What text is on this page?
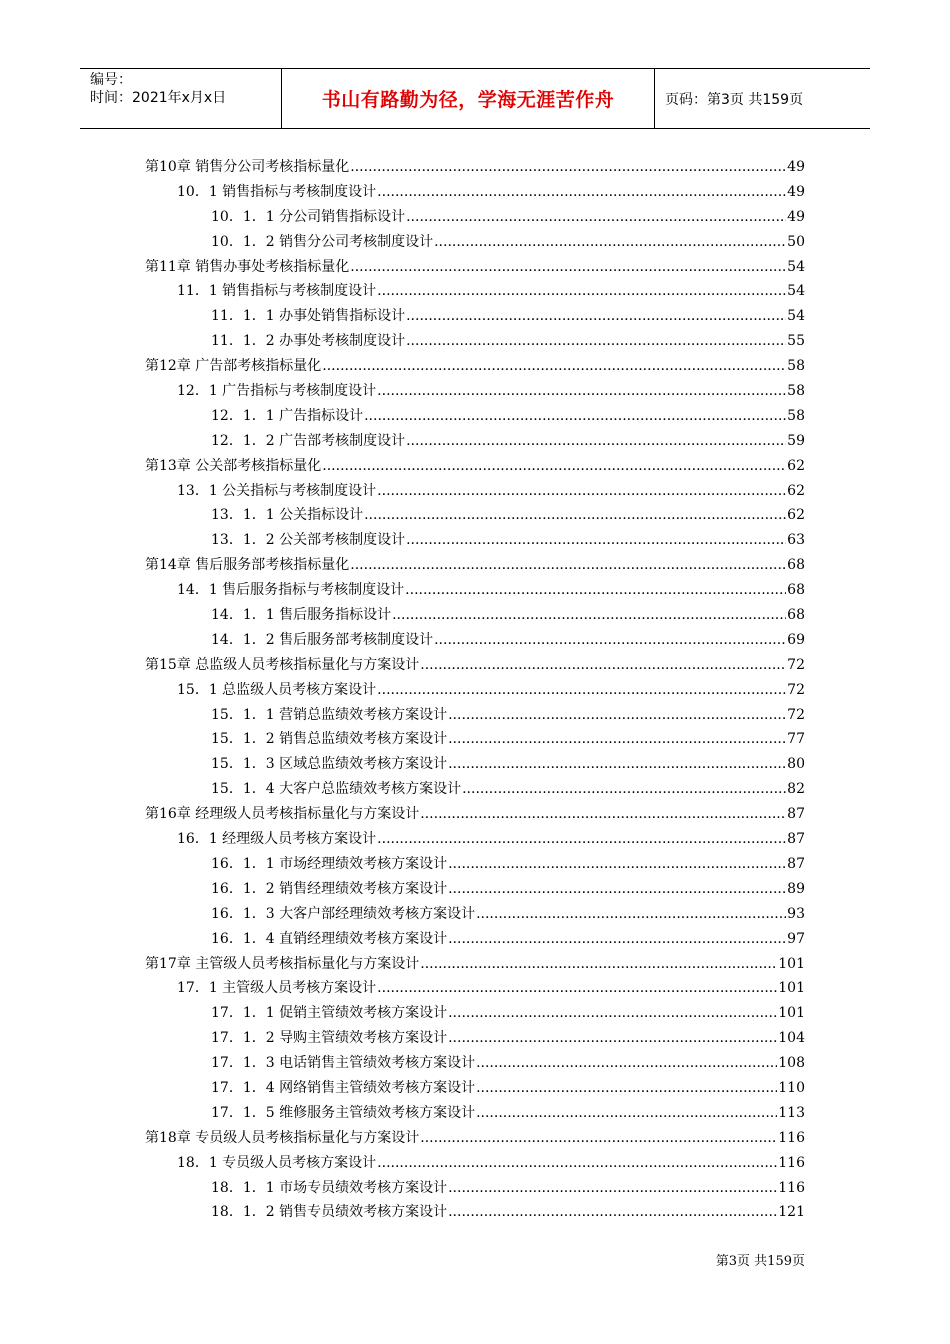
编号：
时间：2021年x月x日	书山有路勤为径，学海无涯苦作舟	页码：第3页 共159页
第10章 销售分公司考核指标量化 .....	49
10．1 销售指标与考核制度设计 .....	49
10．1．1 分公司销售指标设计 .....	49
10．1．2 销售分公司考核制度设计 .....	50
第11章 销售办事处考核指标量化 .....	54
11．1 销售指标与考核制度设计 .....	54
11．1．1 办事处销售指标设计 .....	54
11．1．2 办事处考核制度设计 .....	55
第12章 广告部考核指标量化 .....	58
12．1 广告指标与考核制度设计 .....	58
12．1．1 广告指标设计 .....	58
12．1．2 广告部考核制度设计 .....	59
第13章 公关部考核指标量化 .....	62
13．1 公关指标与考核制度设计 .....	62
13．1．1 公关指标设计 .....	62
13．1．2 公关部考核制度设计 .....	63
第14章 售后服务部考核指标量化 .....	68
14．1 售后服务指标与考核制度设计 .....	68
14．1．1 售后服务指标设计 .....	68
14．1．2 售后服务部考核制度设计 .....	69
第15章 总监级人员考核指标量化与方案设计 .....	72
15．1 总监级人员考核方案设计 .....	72
15．1．1 营销总监绩效考核方案设计 .....	72
15．1．2 销售总监绩效考核方案设计 .....	77
15．1．3 区域总监绩效考核方案设计 .....	80
15．1．4 大客户总监绩效考核方案设计 .....	82
第16章 经理级人员考核指标量化与方案设计 .....	87
16．1 经理级人员考核方案设计 .....	87
16．1．1 市场经理绩效考核方案设计 .....	87
16．1．2 销售经理绩效考核方案设计 .....	89
16．1．3 大客户部经理绩效考核方案设计 .....	93
16．1．4 直销经理绩效考核方案设计 .....	97
第17章 主管级人员考核指标量化与方案设计 .....	101
17．1 主管级人员考核方案设计 .....	101
17．1．1 促销主管绩效考核方案设计 .....	101
17．1．2 导购主管绩效考核方案设计 .....	104
17．1．3 电话销售主管绩效考核方案设计 .....	108
17．1．4 网络销售主管绩效考核方案设计 .....	110
17．1．5 维修服务主管绩效考核方案设计 .....	113
第18章 专员级人员考核指标量化与方案设计 .....	116
18．1 专员级人员考核方案设计 .....	116
18．1．1 市场专员绩效考核方案设计 .....	116
18．1．2 销售专员绩效考核方案设计 .....	121
第3页 共159页
